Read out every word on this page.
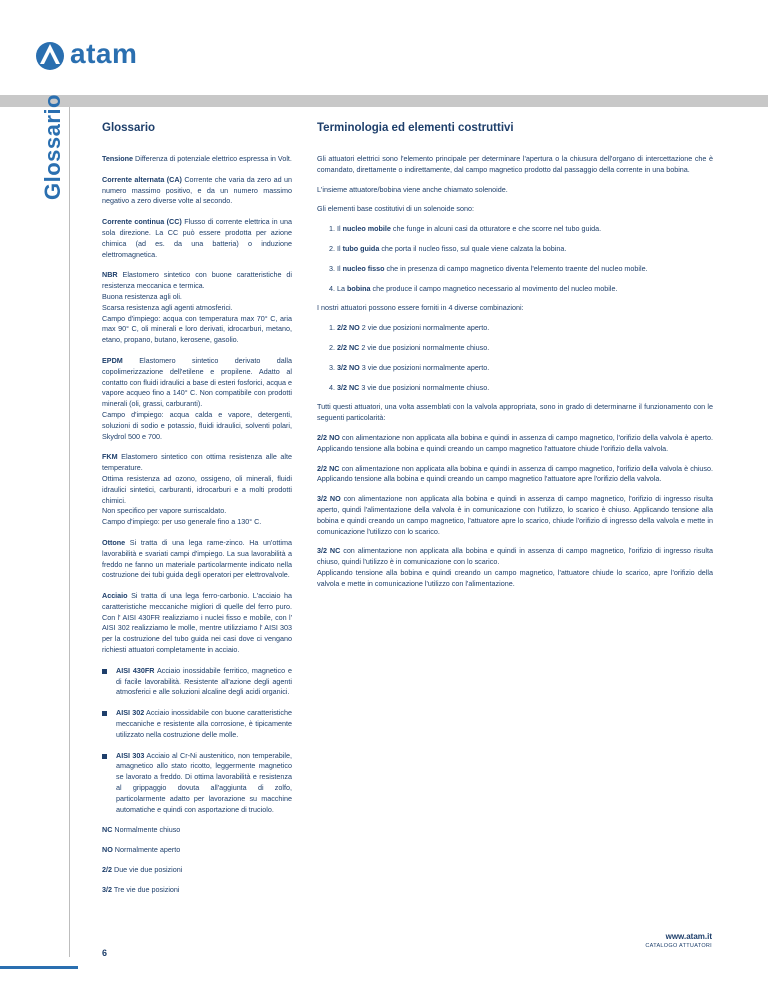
atam
Glossario	Glossario

Tensione Differenza di potenziale elettrico espressa in Volt.

Corrente alternata (CA) Corrente che varia da zero ad un numero massimo positivo, e da un numero massimo negativo a zero diverse volte al secondo.

Corrente continua (CC) Flusso di corrente elettrica in una sola direzione. La CC può essere prodotta per azione chimica (ad es. da una batteria) o induzione elettromagnetica.

NBR Elastomero sintetico con buone caratteristiche di resistenza meccanica e termica.
Buona resistenza agli oli.
Scarsa resistenza agli agenti atmosferici.
Campo d'impiego: acqua con temperatura max 70° C, aria max 90° C, oli minerali e loro derivati, idrocarburi, metano, etano, propano, butano, kerosene, gasolio.

EPDM Elastomero sintetico derivato dalla copolimerizzazione dell'etilene e propilene. Adatto al contatto con fluidi idraulici a base di esteri fosforici, acqua e vapore acqueo fino a 140° C. Non compatibile con prodotti minerali (oli, grassi, carburanti).
Campo d'impiego: acqua calda e vapore, detergenti, soluzioni di sodio e potassio, fluidi idraulici, solventi polari, Skydrol 500 e 700.

FKM Elastomero sintetico con ottima resistenza alle alte temperature.
Ottima resistenza ad ozono, ossigeno, oli minerali, fluidi idraulici sintetici, carburanti, idrocarburi e a molti prodotti chimici.
Non specifico per vapore surriscaldato.
Campo d'impiego: per uso generale fino a 130° C.

Ottone Si tratta di una lega rame-zinco. Ha un'ottima lavorabilità e svariati campi d'impiego. La sua lavorabilità a freddo ne fanno un materiale particolarmente indicato nella costruzione dei tubi guida degli operatori per elettrovalvole.

Acciaio Si tratta di una lega ferro-carbonio. L'acciaio ha caratteristiche meccaniche migliori di quelle del ferro puro. Con l' AISI 430FR realizziamo i nuclei fisso e mobile, con l' AISI 302 realizziamo le molle, mentre utilizziamo l' AISI 303 per la costruzione del tubo guida nei casi dove ci vengano richiesti attuatori completamente in acciaio.

AISI 430FR Acciaio inossidabile ferritico, magnetico e di facile lavorabilità. Resistente all'azione degli agenti atmosferici e alle soluzioni alcaline degli acidi organici.

AISI 302 Acciaio inossidabile con buone caratteristiche meccaniche e resistente alla corrosione, è tipicamente utilizzato nella costruzione delle molle.

AISI 303 Acciaio al Cr-Ni austenitico, non temperabile, amagnetico allo stato ricotto, leggermente magnetico se lavorato a freddo. Di ottima lavorabilità e resistenza al grippaggio dovuta all'aggiunta di zolfo, particolarmente adatto per lavorazione su macchine automatiche e quindi con asportazione di truciolo.

NC Normalmente chiuso

NO Normalmente aperto

2/2 Due vie due posizioni

3/2 Tre vie due posizioni

Terminologia ed elementi costruttivi

Gli attuatori elettrici sono l'elemento principale per determinare l'apertura o la chiusura dell'organo di intercettazione che è comandato, direttamente o indirettamente, dal campo magnetico prodotto dal passaggio della corrente in una bobina.

L'insieme attuatore/bobina viene anche chiamato solenoide.

Gli elementi base costitutivi di un solenoide sono:

1. Il nucleo mobile che funge in alcuni casi da otturatore e che scorre nel tubo guida.

2. Il tubo guida che porta il nucleo fisso, sul quale viene calzata la bobina.

3. Il nucleo fisso che in presenza di campo magnetico diventa l'elemento traente del nucleo mobile.

4. La bobina che produce il campo magnetico necessario al movimento del nucleo mobile.

I nostri attuatori possono essere forniti in 4 diverse combinazioni:

1. 2/2 NO 2 vie due posizioni normalmente aperto.

2. 2/2 NC 2 vie due posizioni normalmente chiuso.

3. 3/2 NO 3 vie due posizioni normalmente aperto.

4. 3/2 NC 3 vie due posizioni normalmente chiuso.

Tutti questi attuatori, una volta assemblati con la valvola appropriata, sono in grado di determinarne il funzionamento con le seguenti particolarità:

2/2 NO con alimentazione non applicata alla bobina e quindi in assenza di campo magnetico, l'orifizio della valvola è aperto. Applicando tensione alla bobina e quindi creando un campo magnetico l'attuatore chiude l'orifizio della valvola.

2/2 NC con alimentazione non applicata alla bobina e quindi in assenza di campo magnetico, l'orifizio della valvola è chiuso. Applicando tensione alla bobina e quindi creando un campo magnetico l'attuatore apre l'orifizio della valvola.

3/2 NO con alimentazione non applicata alla bobina e quindi in assenza di campo magnetico, l'orifizio di ingresso risulta aperto, quindi l'alimentazione della valvola è in comunicazione con l'utilizzo, lo scarico è chiuso. Applicando tensione alla bobina e quindi creando un campo magnetico, l'attuatore apre lo scarico, chiude l'orifizio di ingresso della valvola e mette in comunicazione l'utilizzo con lo scarico.

3/2 NC con alimentazione non applicata alla bobina e quindi in assenza di campo magnetico, l'orifizio di ingresso risulta chiuso, quindi l'utilizzo è in comunicazione con lo scarico.
Applicando tensione alla bobina e quindi creando un campo magnetico, l'attuatore chiude lo scarico, apre l'orifizio della valvola e mette in comunicazione l'utilizzo con l'alimentazione.

6
www.atam.it
CATALOGO ATTUATORI
